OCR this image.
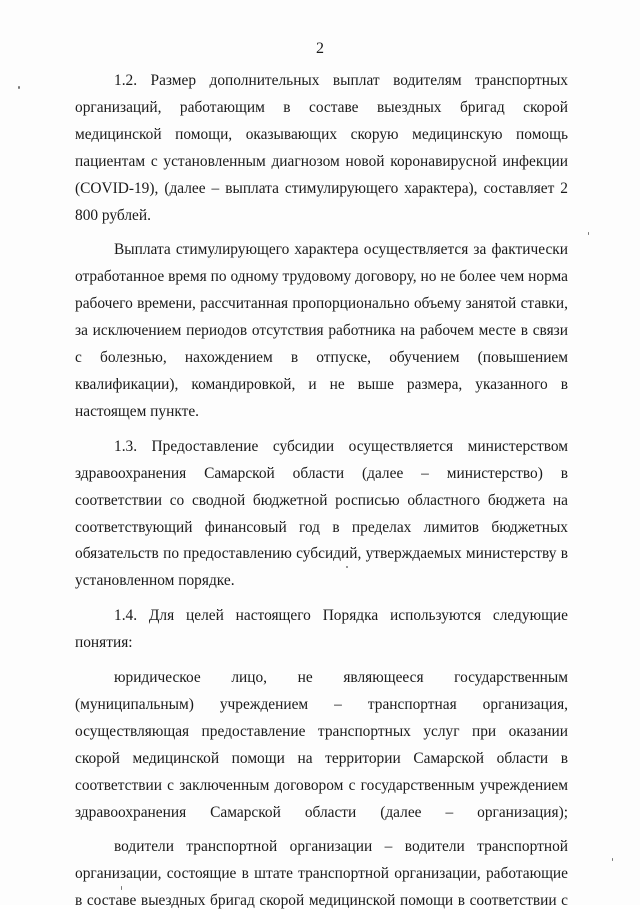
2

1.2. Размер дополнительных выплат водителям транспортных организаций, работающим в составе выездных бригад скорой медицинской помощи, оказывающих скорую медицинскую помощь пациентам с установленным диагнозом новой коронавирусной инфекции (COVID-19), (далее – выплата стимулирующего характера), составляет 2 800 рублей.

Выплата стимулирующего характера осуществляется за фактически отработанное время по одному трудовому договору, но не более чем норма рабочего времени, рассчитанная пропорционально объему занятой ставки, за исключением периодов отсутствия работника на рабочем месте в связи с болезнью, нахождением в отпуске, обучением (повышением квалификации), командировкой, и не выше размера, указанного в настоящем пункте.

1.3. Предоставление субсидии осуществляется министерством здравоохранения Самарской области (далее – министерство) в соответствии со сводной бюджетной росписью областного бюджета на соответствующий финансовый год в пределах лимитов бюджетных обязательств по предоставлению субсидий, утверждаемых министерству в установленном порядке.

1.4. Для целей настоящего Порядка используются следующие понятия:

юридическое лицо, не являющееся государственным (муниципальным) учреждением – транспортная организация, осуществляющая предоставление транспортных услуг при оказании скорой медицинской помощи на территории Самарской области в соответствии с заключенным договором с государственным учреждением здравоохранения Самарской области (далее – организация);

водители транспортной организации – водители транспортной организации, состоящие в штате транспортной организации, работающие в составе выездных бригад скорой медицинской помощи в соответствии с
